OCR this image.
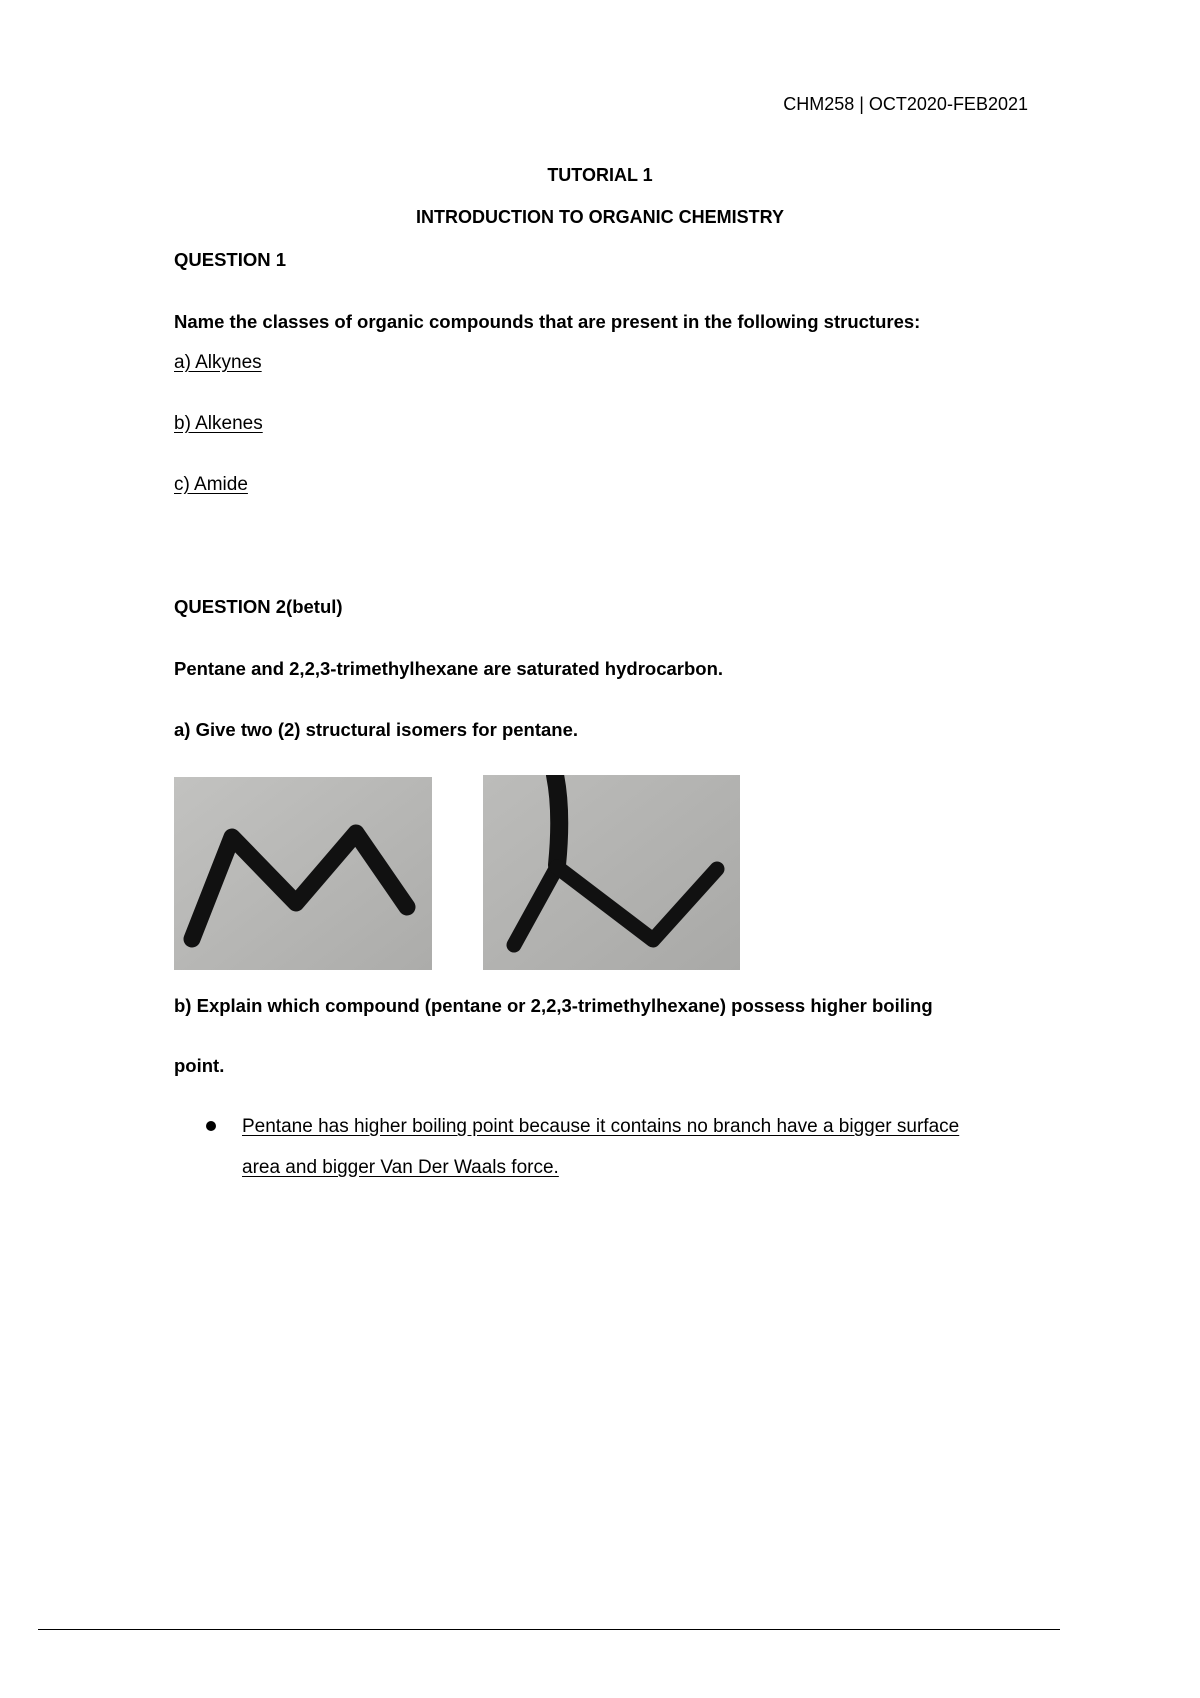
CHM258 | OCT2020-FEB2021
TUTORIAL 1
INTRODUCTION TO ORGANIC CHEMISTRY
QUESTION 1
Name the classes of organic compounds that are present in the following structures:
a) Alkynes
b) Alkenes
c) Amide
QUESTION 2(betul)
Pentane and 2,2,3-trimethylhexane are saturated hydrocarbon.
a) Give two (2) structural isomers for pentane.
b) Explain which compound (pentane or 2,2,3-trimethylhexane) possess higher boiling
point.
Pentane has higher boiling point because it contains no branch have a bigger surface
area and bigger Van Der Waals force.
